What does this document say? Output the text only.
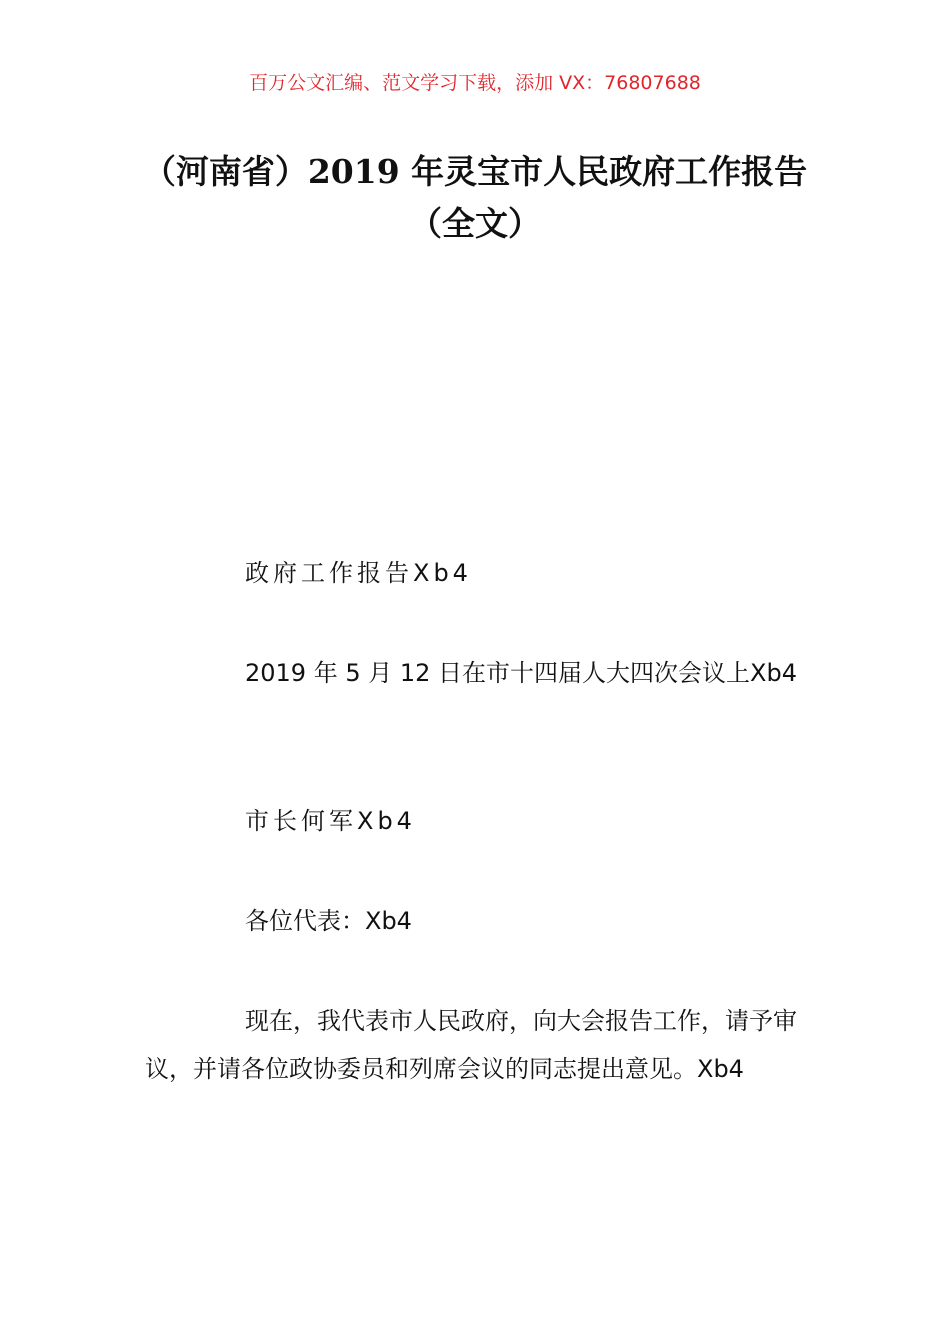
百万公文汇编、范文学习下载，添加 VX：76807688
（河南省）2019 年灵宝市人民政府工作报告（全文）
政府工作报告Xb4
2019 年 5 月 12 日在市十四届人大四次会议上Xb4
市长何军Xb4
各位代表：Xb4
现在，我代表市人民政府，向大会报告工作，请予审议，并请各位政协委员和列席会议的同志提出意见。Xb4
